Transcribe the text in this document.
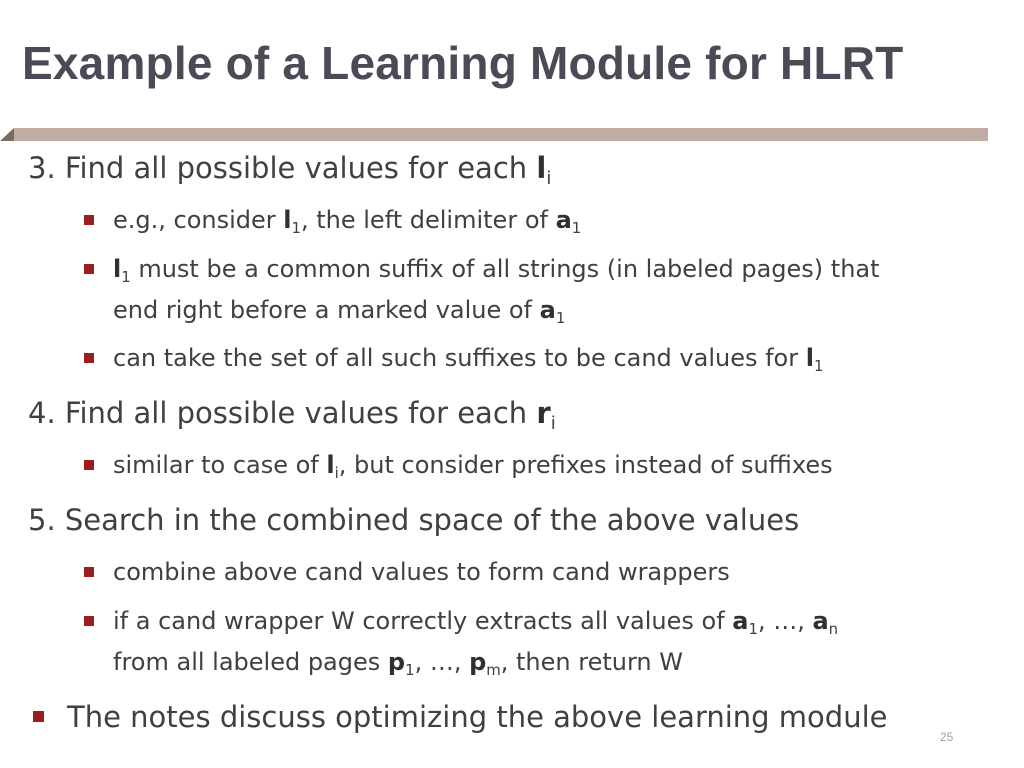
Example of a Learning Module for HLRT
3. Find all possible values for each $l_i$
e.g., consider $l_1$, the left delimiter of $a_1$
$l_1$ must be a common suffix of all strings (in labeled pages) that
end right before a marked value of $a_1$
can take the set of all such suffixes to be cand values for $l_1$
4. Find all possible values for each $r_i$
similar to case of $l_i$, but consider prefixes instead of suffixes
5. Search in the combined space of the above values
combine above cand values to form cand wrappers
if a cand wrapper W correctly extracts all values of $a_1$, …, $a_n$
from all labeled pages $p_1$, …, $p_m$, then return W
The notes discuss optimizing the above learning module
25
